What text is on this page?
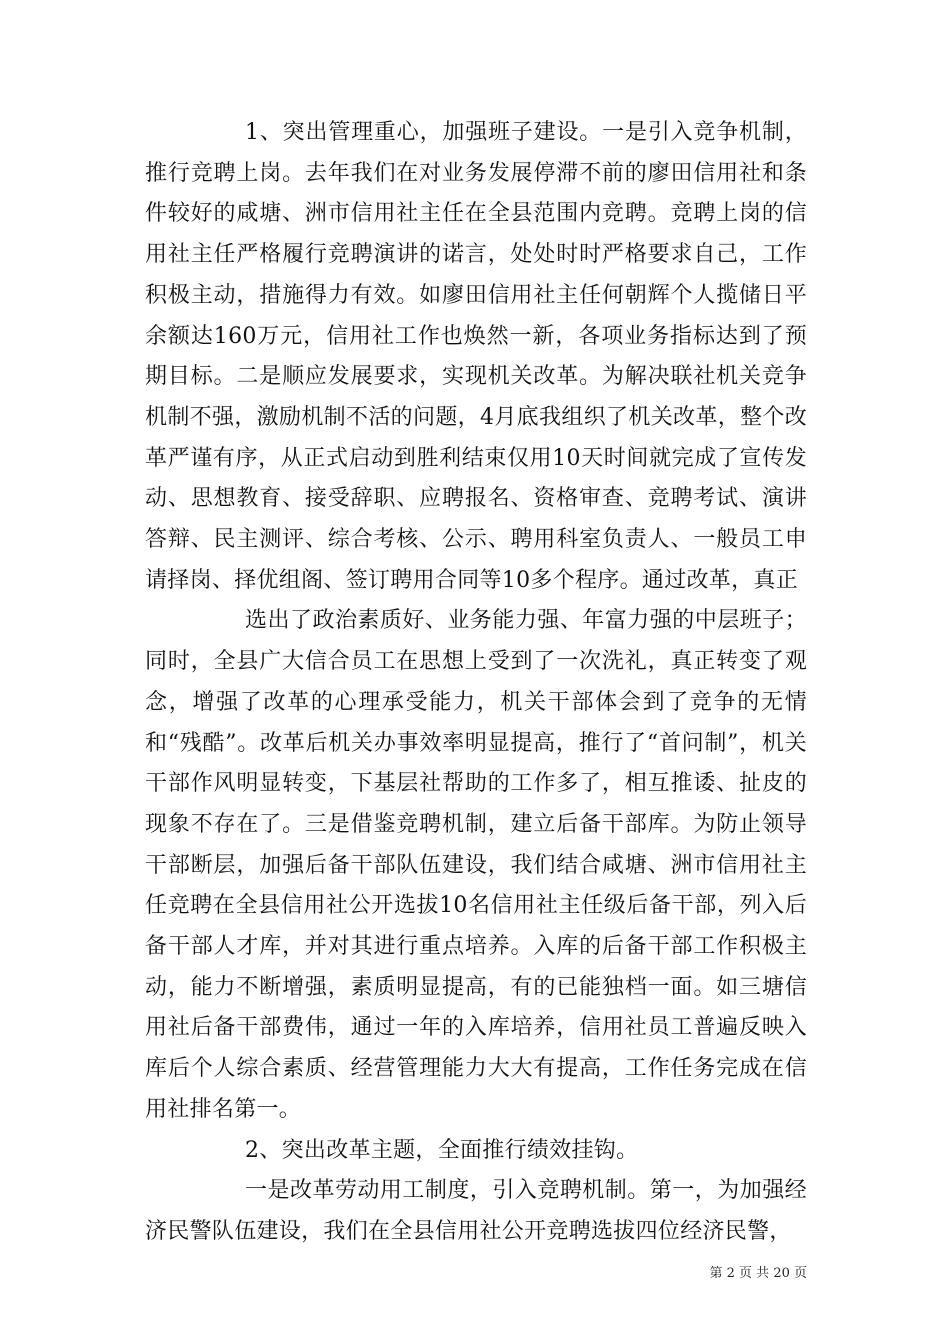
1、突出管理重心，加强班子建设。一是引入竞争机制，推行竞聘上岗。去年我们在对业务发展停滞不前的廖田信用社和条件较好的咸塘、洲市信用社主任在全县范围内竞聘。竞聘上岗的信用社主任严格履行竞聘演讲的诺言，处处时时严格要求自己，工作积极主动，措施得力有效。如廖田信用社主任何朝辉个人揽储日平余额达160万元，信用社工作也焕然一新，各项业务指标达到了预期目标。二是顺应发展要求，实现机关改革。为解决联社机关竞争机制不强，激励机制不活的问题，4月底我组织了机关改革，整个改革严谨有序，从正式启动到胜利结束仅用10天时间就完成了宣传发动、思想教育、接受辞职、应聘报名、资格审查、竞聘考试、演讲答辩、民主测评、综合考核、公示、聘用科室负责人、一般员工申请择岗、择优组阁、签订聘用合同等10多个程序。通过改革，真正

选出了政治素质好、业务能力强、年富力强的中层班子；同时，全县广大信合员工在思想上受到了一次洗礼，真正转变了观念，增强了改革的心理承受能力，机关干部体会到了竞争的无情和“残酷”。改革后机关办事效率明显提高，推行了“首问制”，机关干部作风明显转变，下基层社帮助的工作多了，相互推诿、扯皮的现象不存在了。三是借鉴竞聘机制，建立后备干部库。为防止领导干部断层，加强后备干部队伍建设，我们结合咸塘、洲市信用社主任竞聘在全县信用社公开选拔10名信用社主任级后备干部，列入后备干部人才库，并对其进行重点培养。入库的后备干部工作积极主动，能力不断增强，素质明显提高，有的已能独档一面。如三塘信用社后备干部费伟，通过一年的入库培养，信用社员工普遍反映入库后个人综合素质、经营管理能力大大有提高，工作任务完成在信用社排名第一。

2、突出改革主题，全面推行绩效挂钩。

一是改革劳动用工制度，引入竞聘机制。第一，为加强经济民警队伍建设，我们在全县信用社公开竞聘选拔四位经济民警，

第 2 页 共 20 页
